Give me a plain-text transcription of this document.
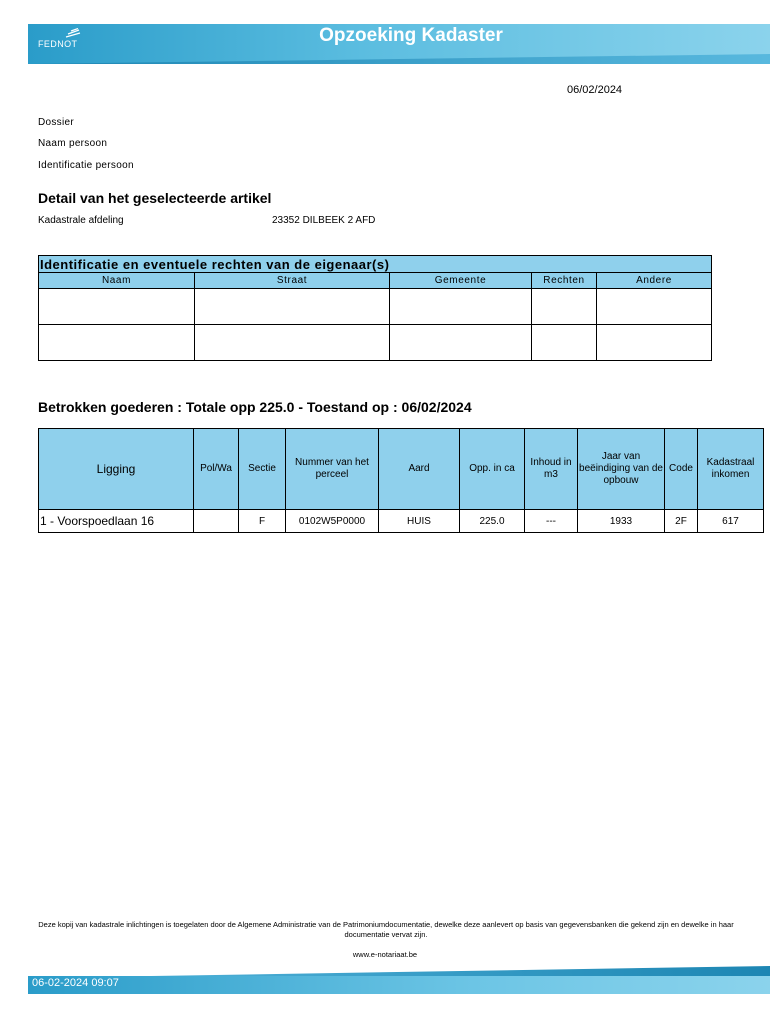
FEDNOT	Opzoeking Kadaster
06/02/2024
Dossier
Naam persoon
Identificatie persoon
Detail van het geselecteerde artikel
Kadastrale afdeling	23352 DILBEEK 2 AFD
Identificatie en eventuele rechten van de eigenaar(s)				
Naam	Straat	Gemeente	Rechten	Andere

Betrokken goederen : Totale opp 225.0 - Toestand op : 06/02/2024
Ligging	Pol/Wa	Sectie	Nummer van het perceel	Aard	Opp. in ca	Inhoud in m3	Jaar van beëindiging van de opbouw	Code	Kadastraal inkomen
1 - Voorspoedlaan 16		F	0102W5P0000	HUIS	225.0	---	1933	2F	617
Deze kopij van kadastrale inlichtingen is toegelaten door de Algemene Administratie van de Patrimoniumdocumentatie, dewelke deze aanlevert op basis van gegevensbanken die gekend zijn en dewelke in haar documentatie vervat zijn.
www.e-notariaat.be
06-02-2024 09:07
